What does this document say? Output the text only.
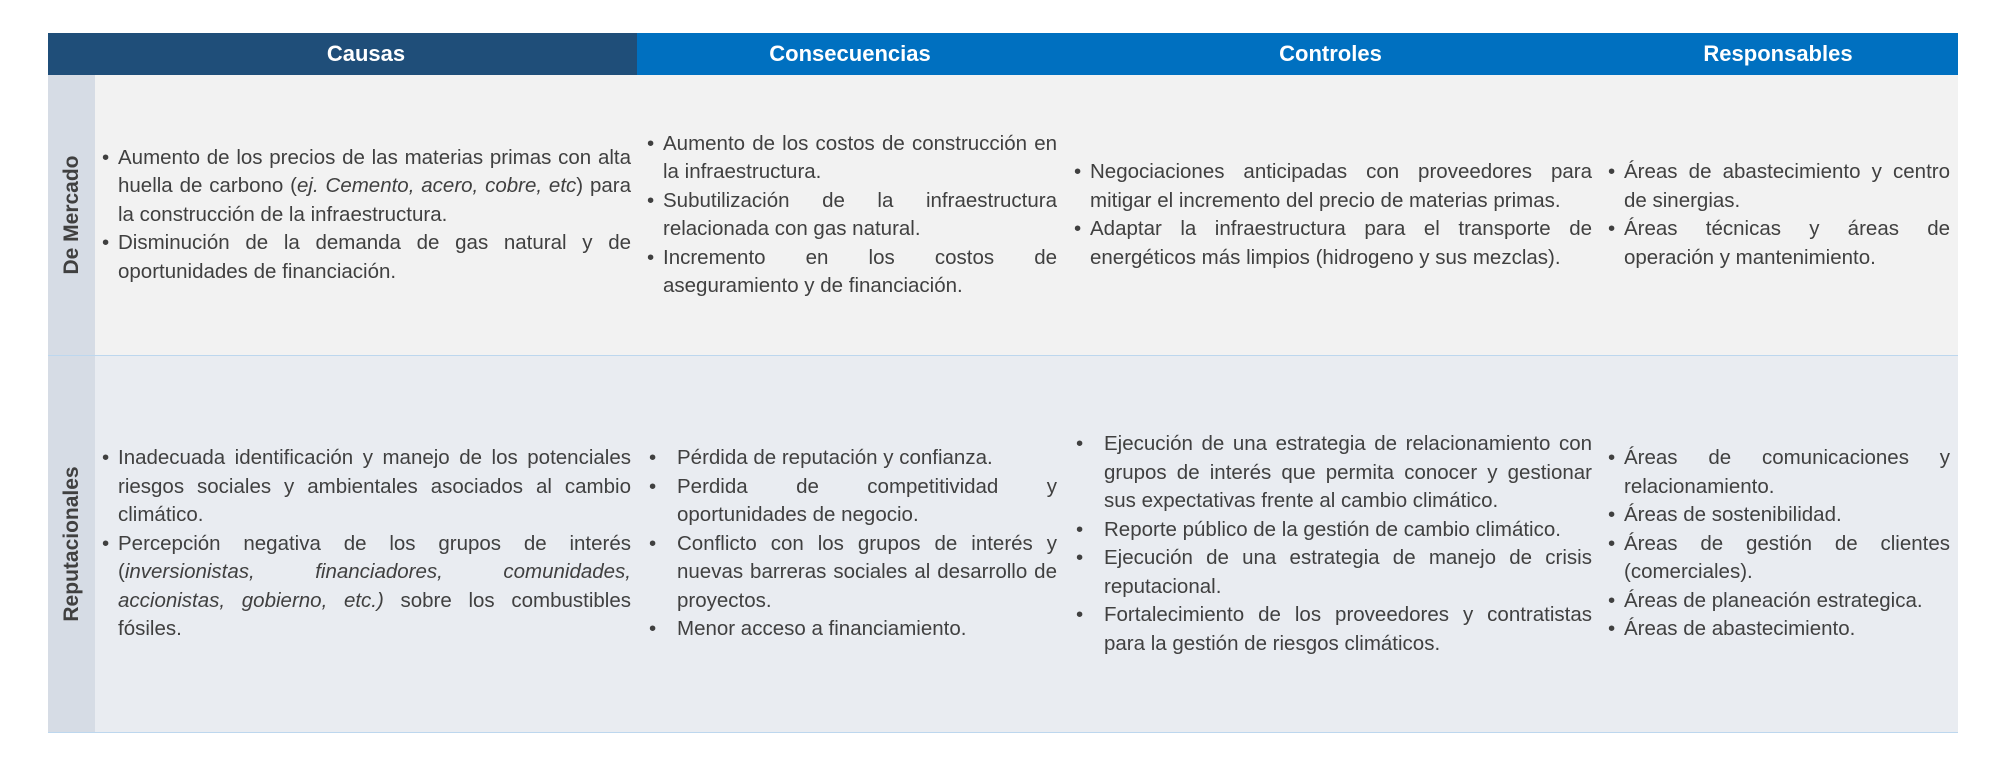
Causas	Consecuencias	Controles	Responsables
De Mercado
•	Aumento de los precios de las materias primas con alta huella de carbono (ej. Cemento, acero, cobre, etc) para la construcción de la infraestructura.
• Disminución de la demanda de gas natural y de oportunidades de financiación.
• Aumento de los costos de construcción en la infraestructura.
• Subutilización de la infraestructura relacionada con gas natural.
• Incremento en los costos de aseguramiento y de financiación.
• Negociaciones anticipadas con proveedores para mitigar el incremento del precio de materias primas.
• Adaptar la infraestructura para el transporte de energéticos más limpios (hidrogeno y sus mezclas).
• Áreas de abastecimiento y centro de sinergias.
• Áreas técnicas y áreas de operación y mantenimiento.
Reputacionales
• Inadecuada identificación y manejo de los potenciales riesgos sociales y ambientales asociados al cambio climático.
• Percepción negativa de los grupos de interés (inversionistas, financiadores, comunidades, accionistas, gobierno, etc.) sobre los combustibles fósiles.
• Pérdida de reputación y confianza.
• Perdida de competitividad y oportunidades de negocio.
• Conflicto con los grupos de interés y nuevas barreras sociales al desarrollo de proyectos.
• Menor acceso a financiamiento.
• Ejecución de una estrategia de relacionamiento con grupos de interés que permita conocer y gestionar sus expectativas frente al cambio climático.
• Reporte público de la gestión de cambio climático.
• Ejecución de una estrategia de manejo de crisis reputacional.
• Fortalecimiento de los proveedores y contratistas para la gestión de riesgos climáticos.
• Áreas de comunicaciones y relacionamiento.
• Áreas de sostenibilidad.
• Áreas de gestión de clientes (comerciales).
• Áreas de planeación estrategica.
• Áreas de abastecimiento.
